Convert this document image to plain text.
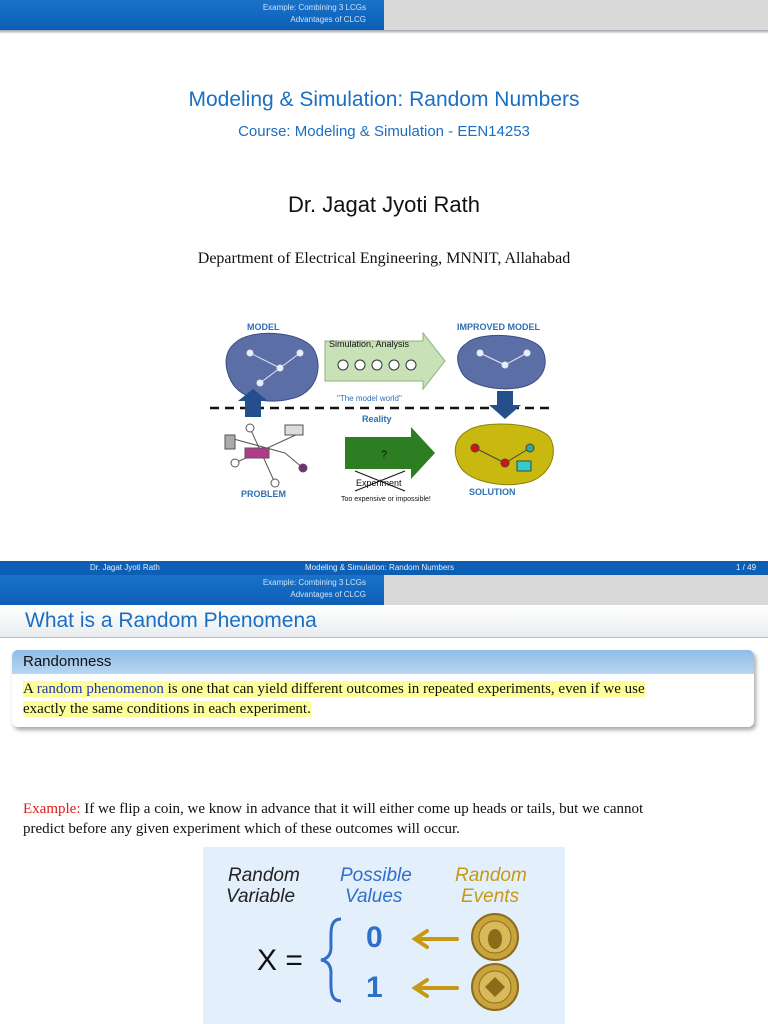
Example: Combining 3 LCGs
Advantages of CLCG
Modeling & Simulation: Random Numbers
Course: Modeling & Simulation - EEN14253
Dr. Jagat Jyoti Rath
Department of Electrical Engineering, MNNIT, Allahabad
MODEL	IMPROVED MODEL
Simulation, Analysis
"The model world"
Reality
PROBLEM
?
Experiment
Too expensive or impossible!
SOLUTION
Dr. Jagat Jyoti Rath	Modeling & Simulation: Random Numbers	1 / 49
Example: Combining 3 LCGs
Advantages of CLCG
What is a Random Phenomena
Randomness
A random phenomenon is one that can yield different outcomes in repeated experiments, even if we use
exactly the same conditions in each experiment.
Example: If we flip a coin, we know in advance that it will either come up heads or tails, but we cannot
predict before any given experiment which of these outcomes will occur.
Random
Variable
Possible
Values
Random
Events
X =
0
1
